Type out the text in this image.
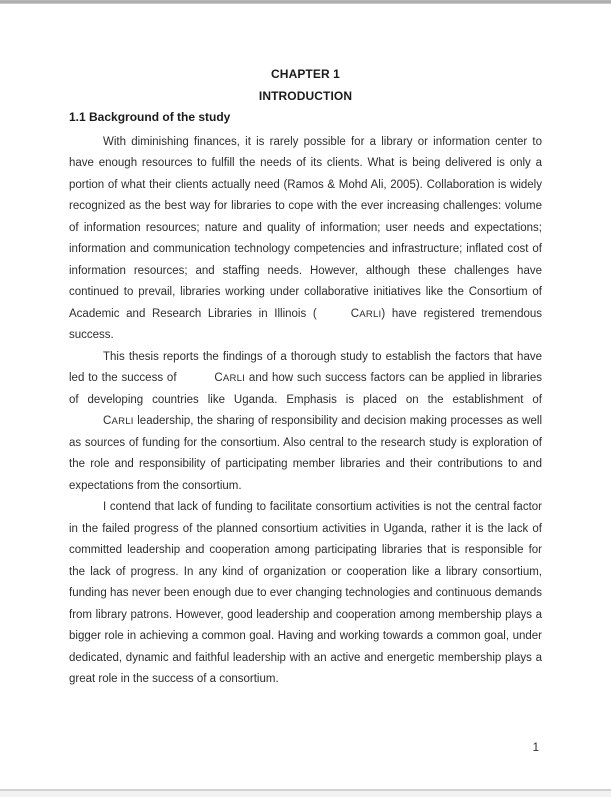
CHAPTER 1
INTRODUCTION
1.1 Background of the study

With diminishing finances, it is rarely possible for a library or information center to have enough resources to fulfill the needs of its clients. What is being delivered is only a portion of what their clients actually need (Ramos & Mohd Ali, 2005). Collaboration is widely recognized as the best way for libraries to cope with the ever increasing challenges: volume of information resources; nature and quality of information; user needs and expectations; information and communication technology competencies and infrastructure; inflated cost of information resources; and staffing needs. However, although these challenges have continued to prevail, libraries working under collaborative initiatives like the Consortium of Academic and Research Libraries in Illinois (	CARLI) have registered tremendous success.

This thesis reports the findings of a thorough study to establish the factors that have led to the success of	CARLI and how such success factors can be applied in libraries of developing countries like Uganda. Emphasis is placed on the establishment of CARLI leadership, the sharing of responsibility and decision making processes as well as sources of funding for the consortium. Also central to the research study is exploration of the role and responsibility of participating member libraries and their contributions to and expectations from the consortium.

I contend that lack of funding to facilitate consortium activities is not the central factor in the failed progress of the planned consortium activities in Uganda, rather it is the lack of committed leadership and cooperation among participating libraries that is responsible for the lack of progress. In any kind of organization or cooperation like a library consortium, funding has never been enough due to ever changing technologies and continuous demands from library patrons. However, good leadership and cooperation among membership plays a bigger role in achieving a common goal. Having and working towards a common goal, under dedicated, dynamic and faithful leadership with an active and energetic membership plays a great role in the success of a consortium.

1
